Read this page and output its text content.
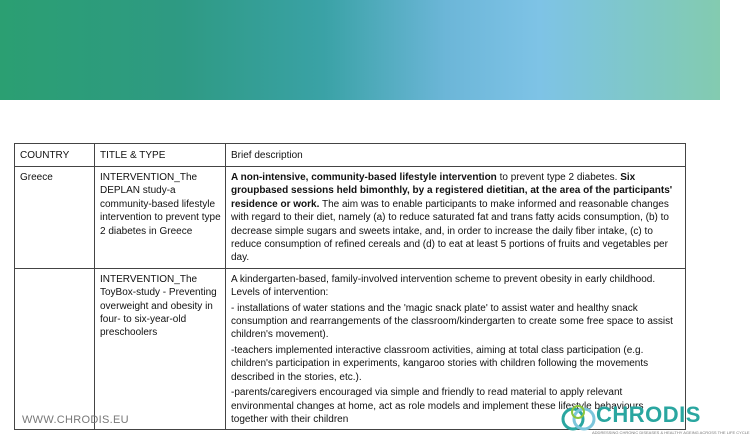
COUNTRY	TITLE & TYPE	Brief description
Greece	INTERVENTION_The DEPLAN study-a community-based lifestyle intervention to prevent type 2 diabetes in Greece	A non-intensive, community-based lifestyle intervention to prevent type 2 diabetes. Six groupbased sessions held bimonthly, by a registered dietitian, at the area of the participants' residence or work. The aim was to enable participants to make informed and reasonable changes with regard to their diet, namely (a) to reduce saturated fat and trans fatty acids consumption, (b) to decrease simple sugars and sweets intake, and, in order to increase the daily fiber intake, (c) to reduce consumption of refined cereals and (d) to eat at least 5 portions of fruits and vegetables per day.
	INTERVENTION_The ToyBox-study - Preventing overweight and obesity in four- to six-year-old preschoolers	A kindergarten-based, family-involved intervention scheme to prevent obesity in early childhood. Levels of intervention:

- installations of water stations and the 'magic snack plate' to assist water and healthy snack consumption and rearrangements of the classroom/kindergarten to create some free space to assist children's movement).

-teachers implemented interactive classroom activities, aiming at total class participation (e.g. children's participation in experiments, kangaroo stories with children following the movements described in the stories, etc.).

-parents/caregivers encouraged via simple and friendly to read material to apply relevant environmental changes at home, act as role models and implement these lifestyle behaviours together with their children

WWW.CHRODIS.EU	CHRODIS
ADDRESSING CHRONIC DISEASES & HEALTHY AGEING ACROSS THE LIFE CYCLE
